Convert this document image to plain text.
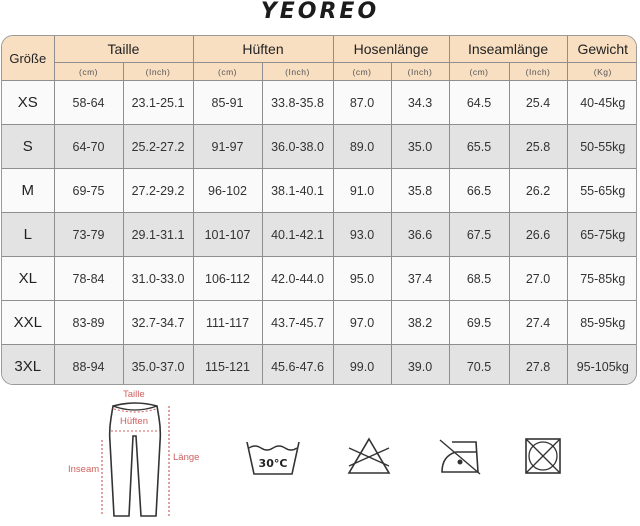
YEOREO
Größe	Taille		Hüften		Hosenlänge		Inseamlänge		Gewicht
	(cm)	(Inch)	(cm)	(Inch)	(cm)	(Inch)	(cm)	(Inch)	(Kg)
XS	58-64	23.1-25.1	85-91	33.8-35.8	87.0	34.3	64.5	25.4	40-45kg
S	64-70	25.2-27.2	91-97	36.0-38.0	89.0	35.0	65.5	25.8	50-55kg
M	69-75	27.2-29.2	96-102	38.1-40.1	91.0	35.8	66.5	26.2	55-65kg
L	73-79	29.1-31.1	101-107	40.1-42.1	93.0	36.6	67.5	26.6	65-75kg
XL	78-84	31.0-33.0	106-112	42.0-44.0	95.0	37.4	68.5	27.0	75-85kg
XXL	83-89	32.7-34.7	111-117	43.7-45.7	97.0	38.2	69.5	27.4	85-95kg
3XL	88-94	35.0-37.0	115-121	45.6-47.6	99.0	39.0	70.5	27.8	95-105kg
Taille
Hüften
Inseam
Länge	30°C
